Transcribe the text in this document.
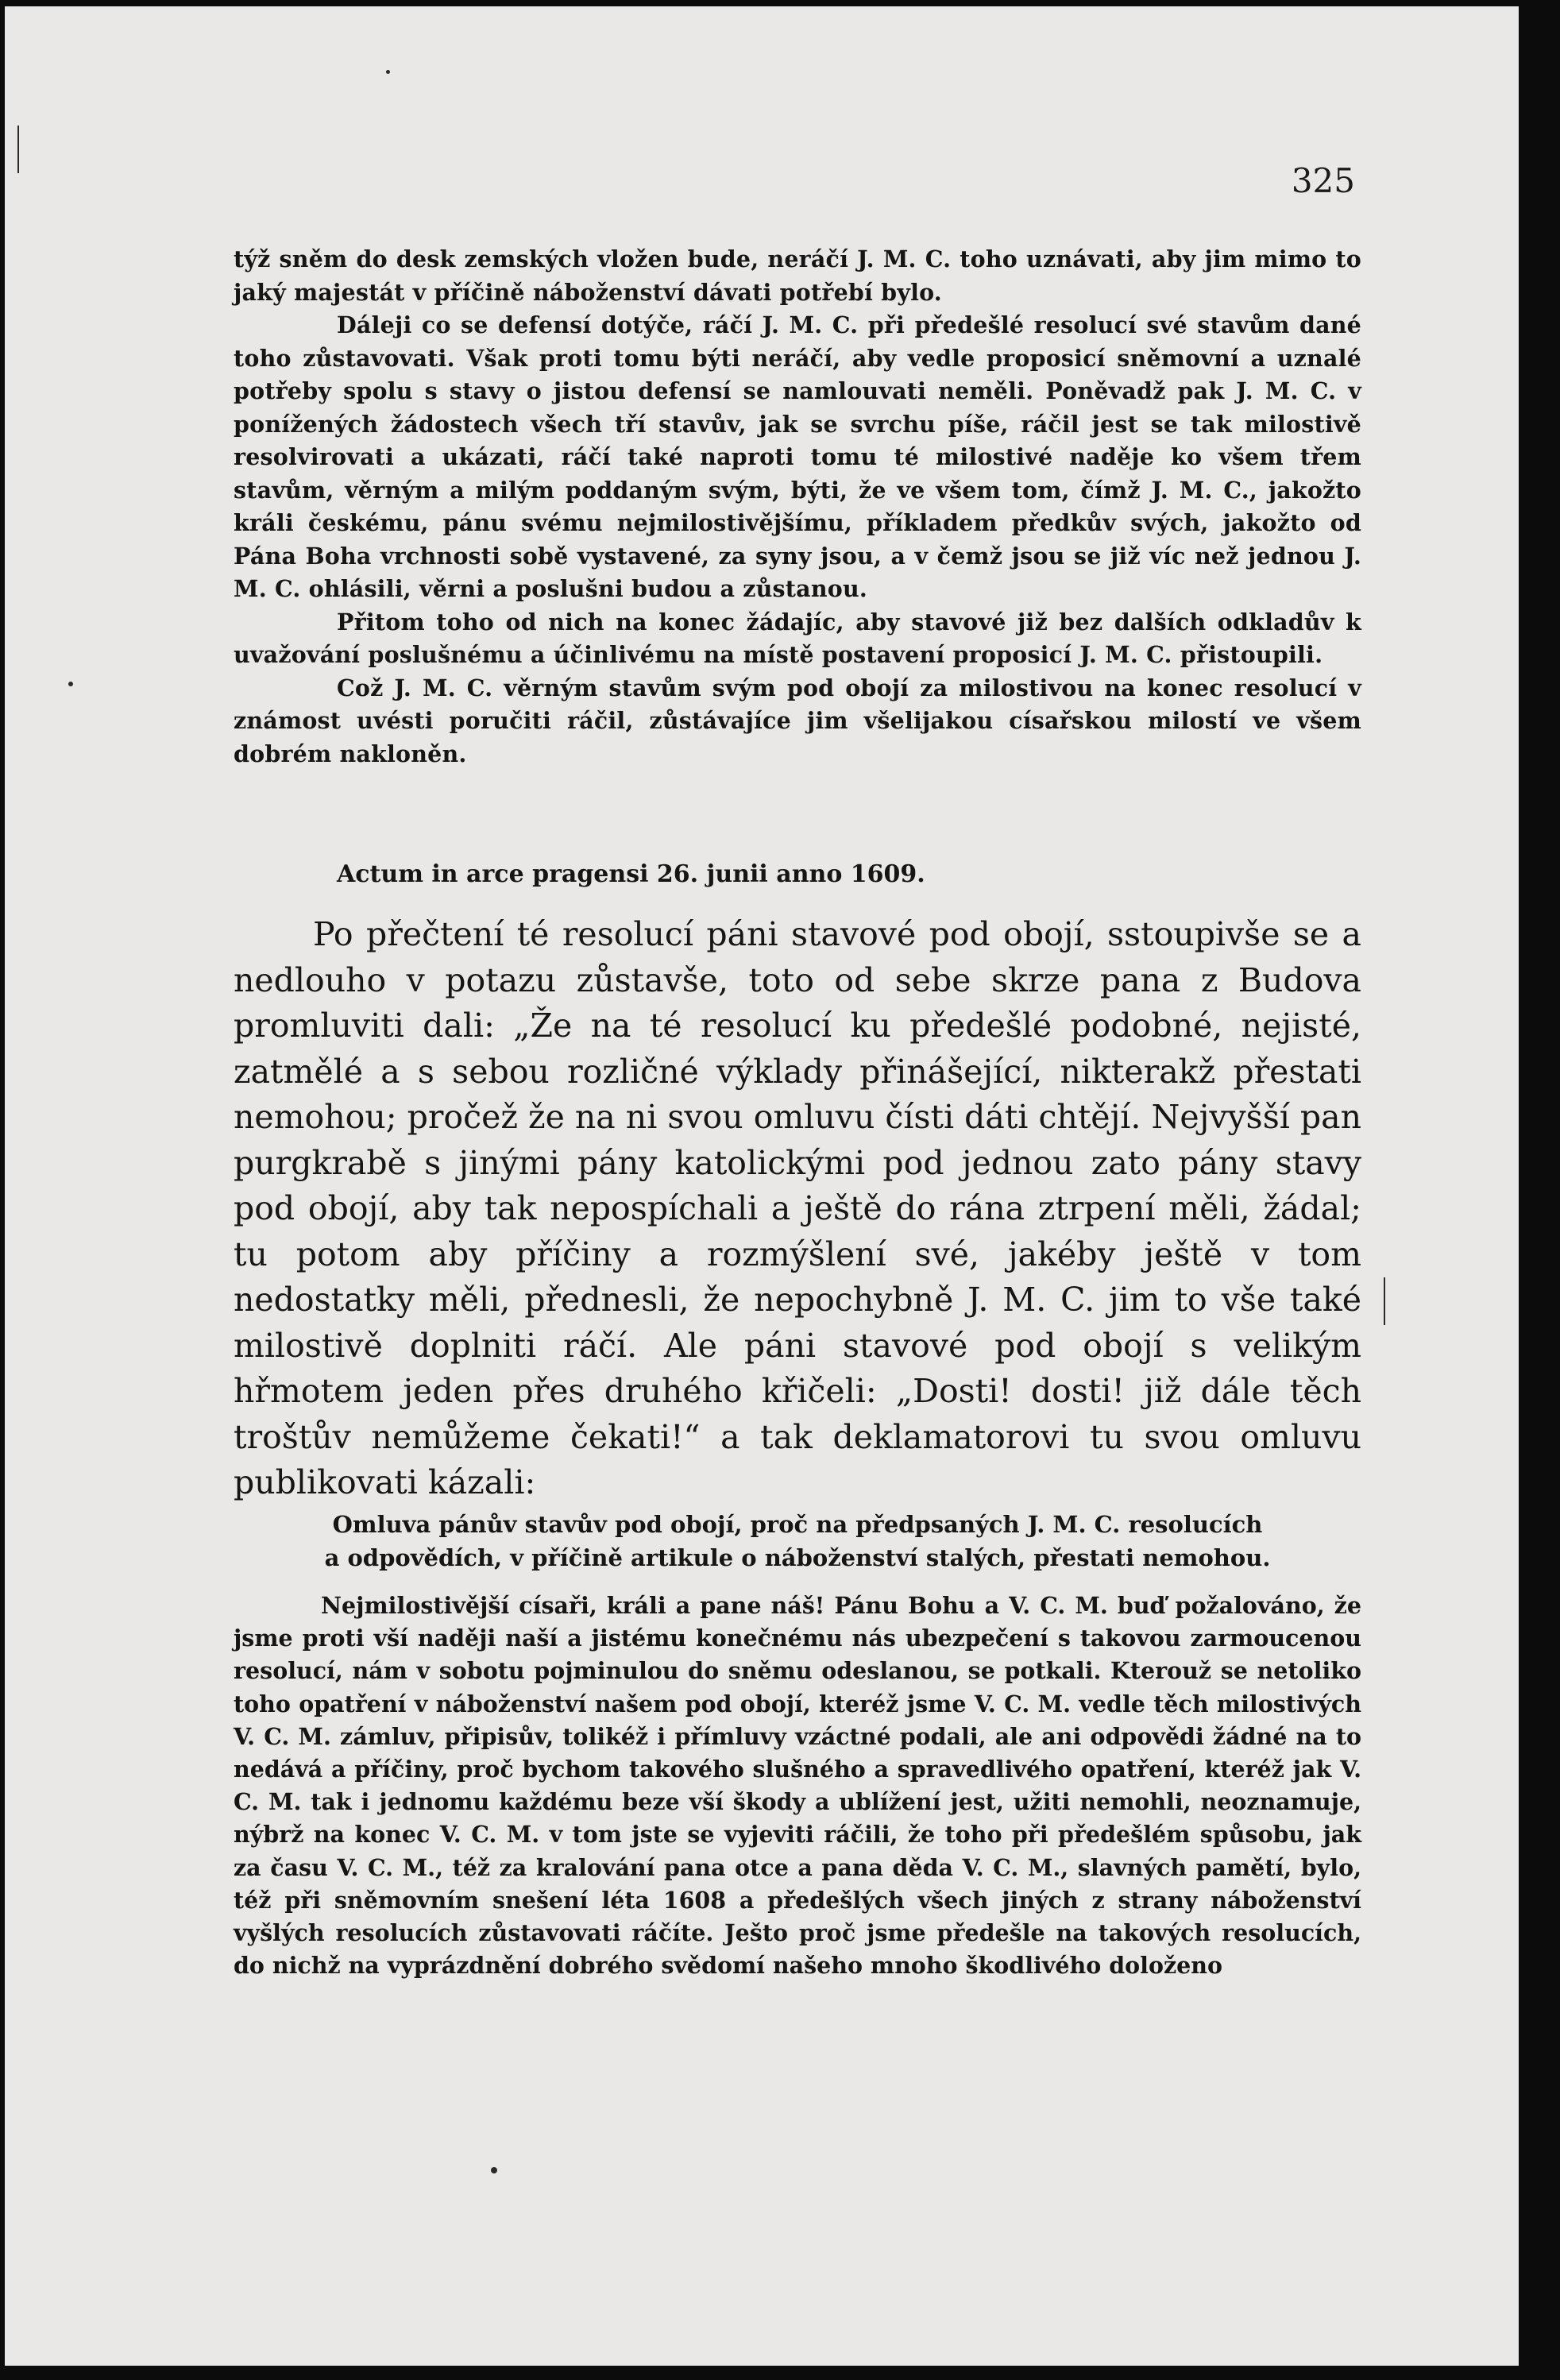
325

týž sněm do desk zemských vložen bude, neráčí J. M. C. toho uznávati, aby jim mimo to jaký majestát v příčině náboženství dávati potřebí bylo.

Dáleji co se defensí dotýče, ráčí J. M. C. při předešlé resolucí své stavům dané toho zůstavovati. Však proti tomu býti neráčí, aby vedle proposicí sněmovní a uznalé potřeby spolu s stavy o jistou defensí se namlouvati neměli. Poněvadž pak J. M. C. v ponížených žádostech všech tří stavův, jak se svrchu píše, ráčil jest se tak milostivě resolvirovati a ukázati, ráčí také naproti tomu té milostivé naděje ko všem třem stavům, věrným a milým poddaným svým, býti, že ve všem tom, čímž J. M. C., jakožto králi českému, pánu svému nejmilostivějšímu, příkladem předkův svých, jakožto od Pána Boha vrchnosti sobě vystavené, za syny jsou, a v čemž jsou se již víc než jednou J. M. C. ohlásili, věrni a poslušni budou a zůstanou.

Přitom toho od nich na konec žádajíc, aby stavové již bez dalších odkladův k uvažování poslušnému a účinlivému na místě postavení proposicí J. M. C. přistoupili.

Což J. M. C. věrným stavům svým pod obojí za milostivou na konec resolucí v známost uvésti poručiti ráčil, zůstávajíce jim všelijakou císařskou milostí ve všem dobrém nakloněn.

Actum in arce pragensi 26. junii anno 1609.

Po přečtení té resolucí páni stavové pod obojí, sstoupivše se a nedlouho v potazu zůstavše, toto od sebe skrze pana z Budova promluviti dali: „Že na té resolucí ku předešlé podobné, nejisté, zatmělé a s sebou rozličné výklady přinášející, nikterakž přestati nemohou; pročež že na ni svou omluvu čísti dáti chtějí. Nejvyšší pan purgkrabě s jinými pány katolickými pod jednou zato pány stavy pod obojí, aby tak nepospíchali a ještě do rána ztrpení měli, žádal; tu potom aby příčiny a rozmýšlení své, jakéby ještě v tom nedostatky měli, přednesli, že nepochybně J. M. C. jim to vše také milostivě doplniti ráčí. Ale páni stavové pod obojí s velikým hřmotem jeden přes druhého křičeli: „Dosti! dosti! již dále těch troštův nemůžeme čekati!“ a tak deklamatorovi tu svou omluvu publikovati kázali:

Omluva pánův stavův pod obojí, proč na předpsaných J. M. C. resolucích
a odpovědích, v příčině artikule o náboženství stalých, přestati nemohou.

Nejmilostivější císaři, králi a pane náš! Pánu Bohu a V. C. M. buď požalováno, že jsme proti vší naději naší a jistému konečnému nás ubezpečení s takovou zarmoucenou resolucí, nám v sobotu pojminulou do sněmu odeslanou, se potkali. Kterouž se netoliko toho opatření v náboženství našem pod obojí, kteréž jsme V. C. M. vedle těch milostivých V. C. M. zámluv, připisův, tolikéž i přímluvy vzáctné podali, ale ani odpovědi žádné na to nedává a příčiny, proč bychom takového slušného a spravedlivého opatření, kteréž jak V. C. M. tak i jednomu každému beze vší škody a ublížení jest, užiti nemohli, neoznamuje, nýbrž na konec V. C. M. v tom jste se vyjeviti ráčili, že toho při předešlém spůsobu, jak za času V. C. M., též za kralování pana otce a pana děda V. C. M., slavných pamětí, bylo, též při sněmovním snešení léta 1608 a předešlých všech jiných z strany náboženství vyšlých resolucích zůstavovati ráčíte. Ješto proč jsme předešle na takových resolucích, do nichž na vyprázdnění dobrého svědomí našeho mnoho škodlivého doloženo
